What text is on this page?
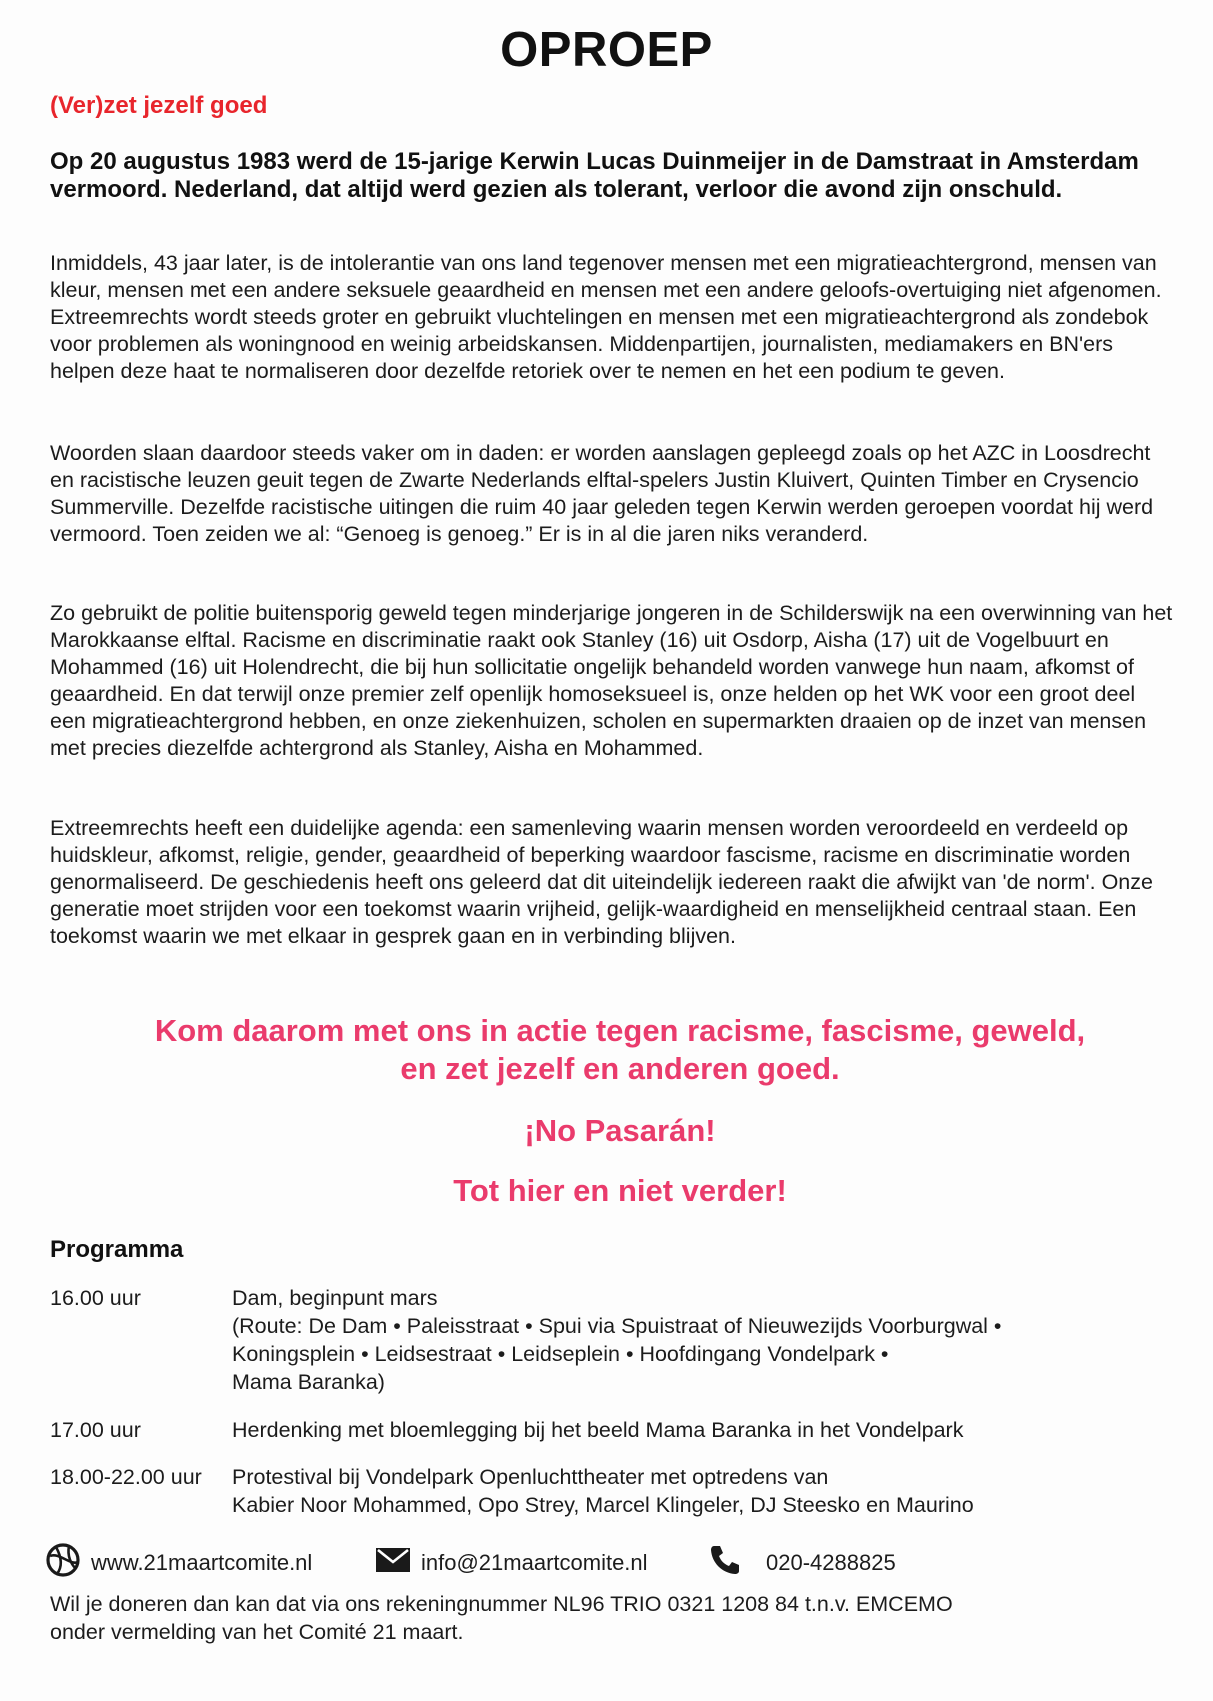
OPROEP
(Ver)zet jezelf goed

Op 20 augustus 1983 werd de 15-jarige Kerwin Lucas Duinmeijer in de Damstraat in Amsterdam vermoord. Nederland, dat altijd werd gezien als tolerant, verloor die avond zijn onschuld.

Inmiddels, 43 jaar later, is de intolerantie van ons land tegenover mensen met een migratieachtergrond, mensen van kleur, mensen met een andere seksuele geaardheid en mensen met een andere geloofs-overtuiging niet afgenomen. Extreemrechts wordt steeds groter en gebruikt vluchtelingen en mensen met een migratieachtergrond als zondebok voor problemen als woningnood en weinig arbeidskansen. Middenpartijen, journalisten, mediamakers en BN'ers helpen deze haat te normaliseren door dezelfde retoriek over te nemen en het een podium te geven.

Woorden slaan daardoor steeds vaker om in daden: er worden aanslagen gepleegd zoals op het AZC in Loosdrecht en racistische leuzen geuit tegen de Zwarte Nederlands elftal-spelers Justin Kluivert, Quinten Timber en Crysencio Summerville. Dezelfde racistische uitingen die ruim 40 jaar geleden tegen Kerwin werden geroepen voordat hij werd vermoord. Toen zeiden we al: “Genoeg is genoeg.” Er is in al die jaren niks veranderd.

Zo gebruikt de politie buitensporig geweld tegen minderjarige jongeren in de Schilderswijk na een overwinning van het Marokkaanse elftal. Racisme en discriminatie raakt ook Stanley (16) uit Osdorp, Aisha (17) uit de Vogelbuurt en Mohammed (16) uit Holendrecht, die bij hun sollicitatie ongelijk behandeld worden vanwege hun naam, afkomst of geaardheid. En dat terwijl onze premier zelf openlijk homoseksueel is, onze helden op het WK voor een groot deel een migratieachtergrond hebben, en onze ziekenhuizen, scholen en supermarkten draaien op de inzet van mensen met precies diezelfde achtergrond als Stanley, Aisha en Mohammed.

Extreemrechts heeft een duidelijke agenda: een samenleving waarin mensen worden veroordeeld en verdeeld op huidskleur, afkomst, religie, gender, geaardheid of beperking waardoor fascisme, racisme en discriminatie worden genormaliseerd. De geschiedenis heeft ons geleerd dat dit uiteindelijk iedereen raakt die afwijkt van 'de norm'. Onze generatie moet strijden voor een toekomst waarin vrijheid, gelijk-waardigheid en menselijkheid centraal staan. Een toekomst waarin we met elkaar in gesprek gaan en in verbinding blijven.

Kom daarom met ons in actie tegen racisme, fascisme, geweld,
en zet jezelf en anderen goed.
¡No Pasarán!
Tot hier en niet verder!
Programma
16.00 uur	Dam, beginpunt mars
(Route: De Dam • Paleisstraat • Spui via Spuistraat of Nieuwezijds Voorburgwal •
Koningsplein • Leidsestraat • Leidseplein • Hoofdingang Vondelpark •
Mama Baranka)
17.00 uur	Herdenking met bloemlegging bij het beeld Mama Baranka in het Vondelpark
18.00-22.00 uur	Protestival bij Vondelpark Openluchttheater met optredens van
Kabier Noor Mohammed, Opo Strey, Marcel Klingeler, DJ Steesko en Maurino
www.21maartcomite.nl	info@21maartcomite.nl	020-4288825
Wil je doneren dan kan dat via ons rekeningnummer NL96 TRIO 0321 1208 84 t.n.v. EMCEMO
onder vermelding van het Comité 21 maart.
